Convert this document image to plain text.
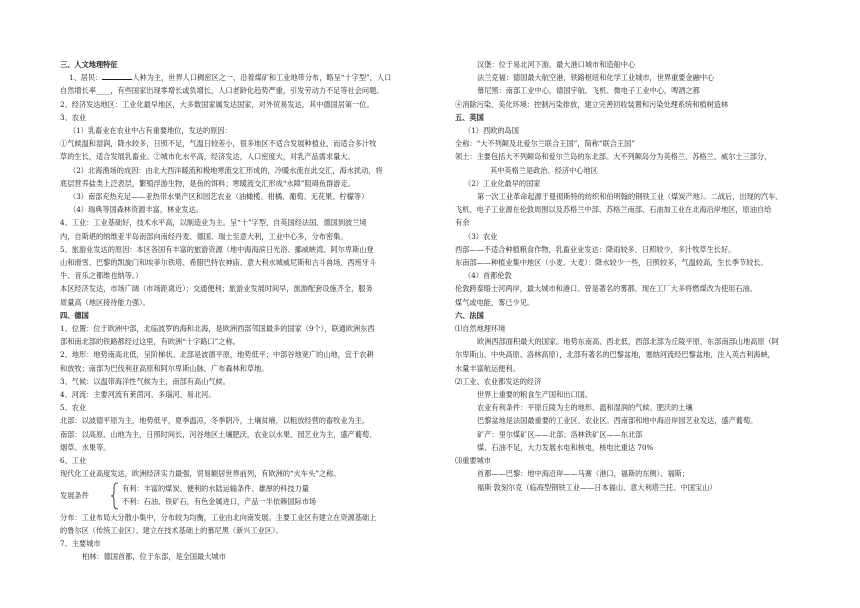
三、人文地理特征
1、居民：	人种为主，世界人口稠密区之一，沿着煤矿和工业地带分布，略呈“十字型”，人口
自然增长率____，有些国家出现零增长或负增长，人口老龄化趋势严重，引发劳动力不足等社会问题。
2、经济发达地区：工业化最早地区，大多数国家属发达国家，对外贸易发达，其中德国居第一位。
3、农业
（1）乳畜业在农业中占有重要地位，发达的原因：
①气候温和湿润，降水较多，日照不足，气温日较差小，很多地区不适合发展种植业，而适合多汁牧
草的生长，适合发展乳畜业。②城市化水平高，经济发达，人口密度大，对乳产品需求量大。
（2）北海渔场的成因：由北大西洋暖流和极地寒流交汇形成的，冷暖水流在此交汇，海水扰动，将
底层营养盐类上泛表层，繁殖浮游生物，是鱼的饵料；寒暖流交汇形成“水障”阻碍鱼群游走。
（3）南部充热充足——亚热带水果产区和园艺农业（油橄榄、柑橘、葡萄、无花果、柠檬等）
（4）瑞典等国森林资源丰富，林业发达。
4、工业：工业基础好，技术水平高，以制造业为主。呈“十”字型，自英国经法国、德国到波兰境
内，自斯堪的纳维亚半岛南部向南经丹麦、德国、瑞士至意大利，工业中心多，分布密集。
5、旅游业发达的原因：本区各国有丰富的旅游资源（地中海海滨日光浴、挪威峡湾、阿尔卑斯山登
山和滑雪、巴黎的凯旋门和埃菲尔铁塔、希腊巴特农神庙、意大利水城威尼斯和古斗兽场、西班牙斗
牛、音乐之都维也纳等。）
本区经济发达，市场广阔（市场距离近）；交通便利；旅游业发展时间早，旅游配套设施齐全，服务
质量高（地区接待能力强）。
四、德国
1、位置：位于欧洲中部，北临波罗的海和北海，是欧洲西部邻国最多的国家（9个），联通欧洲东西
部和南北部的铁路都经过这里，有欧洲“十字路口”之称。
2、地形：地势南高北低，呈阶梯状。北部是波德平原，地势低平；中部谷地宽广的山地，宜于农耕
和放牧；南部为巴伐利亚高原和阿尔卑斯山脉，广布森林和草地。
3、气候：以温带海洋性气候为主，南部有高山气候。
4、河流：主要河流有莱茵河、多瑙河、易北河。
5、农业
北部：以波德平原为主，地势低平，夏季温凉，冬季阴冷，土壤贫瘠，以粗放经营的畜牧业为主。
南部：以高原、山地为主，日照时间长，河谷地区土壤肥沃，农业以水果、园艺业为主，盛产葡萄、
烟草、水果等。
6、工业
现代化工业高度发达，欧洲经济实力最强，贸易额居世界前列，有欧洲的“火车头”之称。
发展条件
有利：丰富的煤炭、便利的水陆运输条件、雄厚的科技力量
不利：石油、铁矿石，有色金属进口，产品一半依赖国际市场
分布：工业布局大分散小集中，分布较为均衡，工业由北向南发展。主要工业区有建立在资源基础上
的鲁尔区（传统工业区）、建立在技术基础上的慕尼黑（新兴工业区）。
7、主要城市
柏林：德国首都，位于东部，是全国最大城市
汉堡：位于易北河下游，最大港口城市和造船中心
法兰克福：德国最大航空港，铁路枢纽和化学工业城市，世界重要金融中心
慕尼黑：南部工业中心，德国宇航、飞机、微电子工业中心，啤酒之都
④消除污染、美化环境：控制污染排放，建立完善回收装置和污染处理系统和植树造林
五、英国
（1）西欧的岛国
全称：“大不列颠及北爱尔兰联合王国”，简称“联合王国”
领土：主要包括大不列颠岛和爱尔兰岛的东北部。大不列颠岛分为英格兰、苏格兰、威尔士三部分，
其中英格兰是政治、经济中心地区
（2）工业化最早的国家
第一次工业革命起源于曼彻斯特的纺织和伯明翰的钢铁工业（煤炭产地）。二战后，出现的汽车、
飞机、电子工业源在伦敦周围以及苏格兰中部、苏格兰南部、石油加工业在北海沿岸地区，原油自给
有余
（3）农业
西部——不适合种植粮食作物，乳畜业业发达：降雨较多，日照较少，多汁牧草生长好。
东南部——种植业集中地区（小麦、大麦）：降水较少一些，日照较多，气温较高，生长季节较长。
（4）首都伦敦
伦敦跨泰晤士河两岸，最大城市和港口。曾是著名的雾都，现在工厂大多将燃煤改为使用石油、
煤气或电能，雾已少见。
六、法国
⑴自然地理环境
欧洲西部面积最大的国家。地势东南高、西北低，西部北部为丘陵平原，东部南部山地高原（阿
尔卑斯山、中央高原、洛林高原），北部有著名的巴黎盆地，塞纳河流经巴黎盆地，注入英吉利海峡，
水量丰富航运便利。
⑵工业、农业都发达的经济
世界上重要的粮食生产国和出口国。
农业有利条件：平原丘陵为主的地形、温和湿润的气候、肥沃的土壤
巴黎盆地是法国最重要的工业区、农业区。西南部和地中海沿岸园艺业发达，盛产葡萄。
矿产：里尔煤矿区——北部；洛林铁矿区——东北部
煤、石油不足，大力发展水电和核电，核电比重达 70%
⑶重要城市
首都——巴黎：地中海沿岸——马赛（港口，福斯的东侧）、福斯；
福斯 敦刻尔克（临海型钢铁工业——日本福山、意大利塔兰托、中国宝山）
